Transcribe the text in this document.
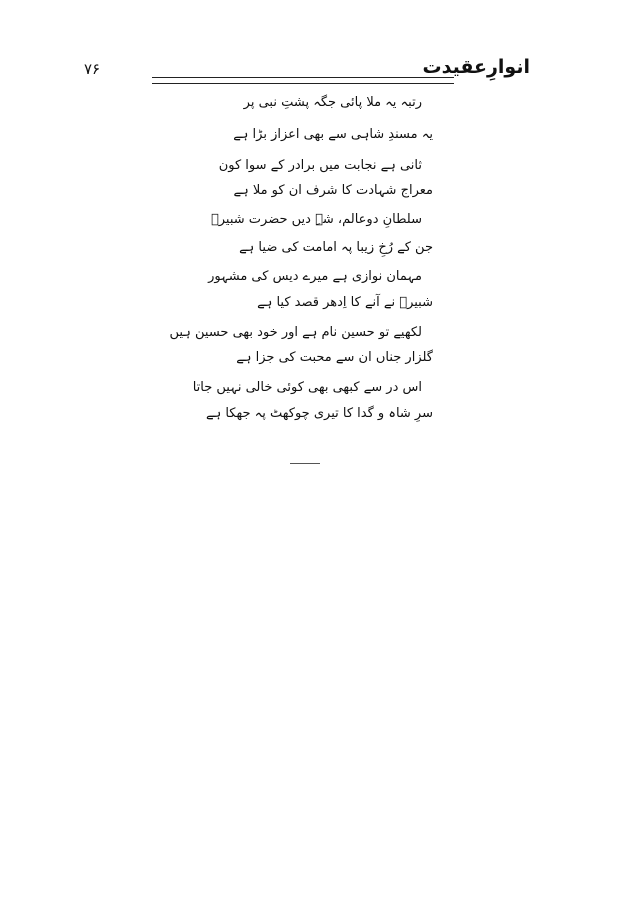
انوارِعقیدت
۷۶
رتبہ یہ ملا پائی جگہ پشتِ نبی پر
یہ مسندِ شاہی سے بھی اعزاز بڑا ہے
ثانی ہے نجابت میں برادر کے سوا کون
معراج شہادت کا شرف ان کو ملا ہے
سلطانِ دوعالم، شہِ دیں حضرت شبیرؑ
جن کے رُخِ زیبا پہ امامت کی ضیا ہے
مہمان نوازی ہے میرے دیس کی مشہور
شبیرؑ نے آنے کا اِدھر قصد کیا ہے
لکھیے تو حسین نام ہے اور خود بھی حسین ہیں
گلزار جناں ان سے محبت کی جزا ہے
اس در سے کبھی بھی کوئی خالی نہیں جاتا
سرِ شاہ و گدا کا تیری چوکھٹ پہ جھکا ہے
